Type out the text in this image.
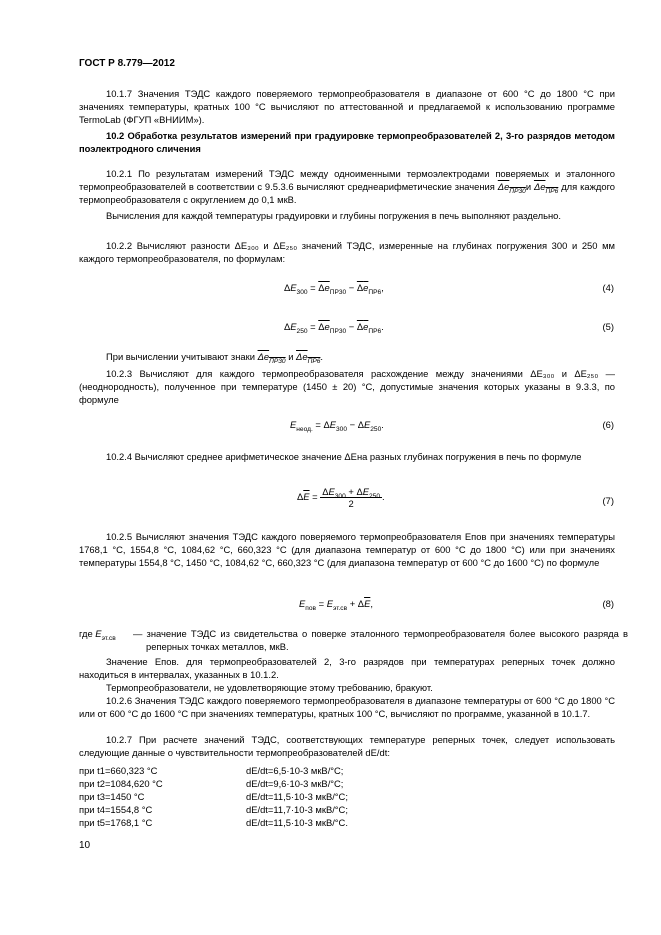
ГОСТ Р 8.779—2012
10.1.7 Значения ТЭДС каждого поверяемого термопреобразователя в диапазоне от 600 °С до 1800 °С при значениях температуры, кратных 100 °С вычисляют по аттестованной и предлагаемой к использованию программе TermoLab (ФГУП «ВНИИМ»).
10.2 Обработка результатов измерений при градуировке термопреобразователей 2, 3-го разрядов методом поэлектродного сличения
10.2.1 По результатам измерений ТЭДС между одноименными термоэлектродами поверяемых и эталонного термопреобразователей в соответствии с 9.5.3.6 вычисляют среднеарифметические значения $\Delta e_{ПР30}и$ $\Delta e_{ПР6}$ для каждого термопреобразователя с округлением до 0,1 мкВ.
Вычисления для каждой температуры градуировки и глубины погружения в печь выполняют раздельно.
10.2.2 Вычисляют разности ΔE₃₀₀ и ΔE₂₅₀ значений ТЭДС, измеренные на глубинах погружения 300 и 250 мм каждого термопреобразователя, по формулам:
$\Delta E_{300} = \Delta e_{ПР30} - \Delta e_{ПР6}$,	(4)
$\Delta E_{250} = \Delta e_{ПР30} - \Delta e_{ПР6}$.	(5)
При вычислении учитывают знаки $\Delta e_{ПР30}$ и $\Delta e_{ПР6}$.
10.2.3 Вычисляют для каждого термопреобразователя расхождение между значениями ΔE₃₀₀ и ΔE₂₅₀ — (неоднородность), полученное при температуре (1450 ± 20) °С, допустимые значения которых указаны в 9.3.3, по формуле
$E_{неод.} = \Delta E_{300} - \Delta E_{250}$.	(6)
10.2.4 Вычисляют среднее арифметическое значение ΔEна разных глубинах погружения в печь по формуле
$\Delta\overline{E} = \frac{\Delta E_{300} + \Delta E_{250}}{2}$ .	(7)
10.2.5 Вычисляют значения ТЭДС каждого поверяемого термопреобразователя Eпов при значениях температуры 1768,1 °С, 1554,8 °С, 1084,62 °С, 660,323 °С (для диапазона температур от 600 °С до 1800 °С) или при значениях температуры 1554,8 °С, 1450 °С, 1084,62 °С, 660,323 °С (для диапазона температур от 600 °С до 1600 °С) по формуле
$E_{пов} = E_{эт.св} + \Delta\overline{E}$,	(8)
где $E_{эт.св}$ — значение ТЭДС из свидетельства о поверке эталонного термопреобразователя более высокого разряда в реперных точках металлов, мкВ.
Значение Eпов. для термопреобразователей 2, 3-го разрядов при температурах реперных точек должно находиться в интервалах, указанных в 10.1.2.
Термопреобразователи, не удовлетворяющие этому требованию, бракуют.
10.2.6 Значения ТЭДС каждого поверяемого термопреобразователя в диапазоне температуры от 600 °С до 1800 °С или от 600 °С до 1600 °С при значениях температуры, кратных 100 °С, вычисляют по программе, указанной в 10.1.7.
10.2.7 При расчете значений ТЭДС, соответствующих температуре реперных точек, следует использовать следующие данные о чувствительности термопреобразователей dE/dt:
при t1=660,323 °С	dE/dt=6,5·10-3 мкВ/°С;
при t2=1084,620 °С	dE/dt=9,6·10-3 мкВ/°С;
при t3=1450 °С	dE/dt=11,5·10-3 мкВ/°С;
при t4=1554,8 °С	dE/dt=11,7·10-3 мкВ/°С;
при t5=1768,1 °С	dE/dt=11,5·10-3 мкВ/°С.
10
